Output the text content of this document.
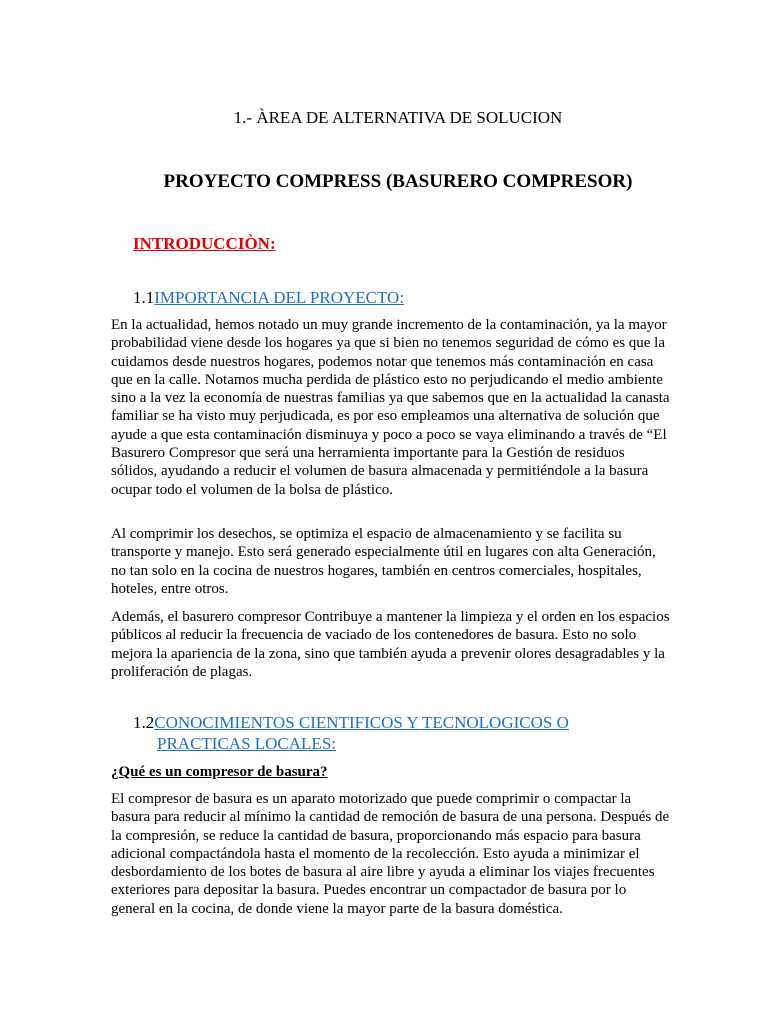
1.- ÀREA DE ALTERNATIVA DE SOLUCION
PROYECTO COMPRESS (BASURERO COMPRESOR)
INTRODUCCIÒN:
1.1IMPORTANCIA DEL PROYECTO:

En la actualidad, hemos notado un muy grande incremento de la contaminación, ya la mayor probabilidad viene desde los hogares ya que si bien no tenemos seguridad de cómo es que la cuidamos desde nuestros hogares, podemos notar que tenemos más contaminación en casa que en la calle. Notamos mucha perdida de plástico esto no perjudicando el medio ambiente sino a la vez la economía de nuestras familias ya que sabemos que en la actualidad la canasta familiar se ha visto muy perjudicada, es por eso empleamos una alternativa de solución que ayude a que esta contaminación disminuya y poco a poco se vaya eliminando a través de “El Basurero Compresor que será una herramienta importante para la Gestión de residuos sólidos, ayudando a reducir el volumen de basura almacenada y permitiéndole a la basura ocupar todo el volumen de la bolsa de plástico.

Al comprimir los desechos, se optimiza el espacio de almacenamiento y se facilita su transporte y manejo. Esto será generado especialmente útil en lugares con alta Generación, no tan solo en la cocina de nuestros hogares, también en centros comerciales, hospitales, hoteles, entre otros.

Además, el basurero compresor Contribuye a mantener la limpieza y el orden en los espacios públicos al reducir la frecuencia de vaciado de los contenedores de basura. Esto no solo mejora la apariencia de la zona, sino que también ayuda a prevenir olores desagradables y la proliferación de plagas.

1.2CONOCIMIENTOS CIENTIFICOS Y TECNOLOGICOS O
PRACTICAS LOCALES:
¿Qué es un compresor de basura?

El compresor de basura es un aparato motorizado que puede comprimir o compactar la basura para reducir al mínimo la cantidad de remoción de basura de una persona. Después de la compresión, se reduce la cantidad de basura, proporcionando más espacio para basura adicional compactándola hasta el momento de la recolección. Esto ayuda a minimizar el desbordamiento de los botes de basura al aire libre y ayuda a eliminar los viajes frecuentes exteriores para depositar la basura. Puedes encontrar un compactador de basura por lo general en la cocina, de donde viene la mayor parte de la basura doméstica.
